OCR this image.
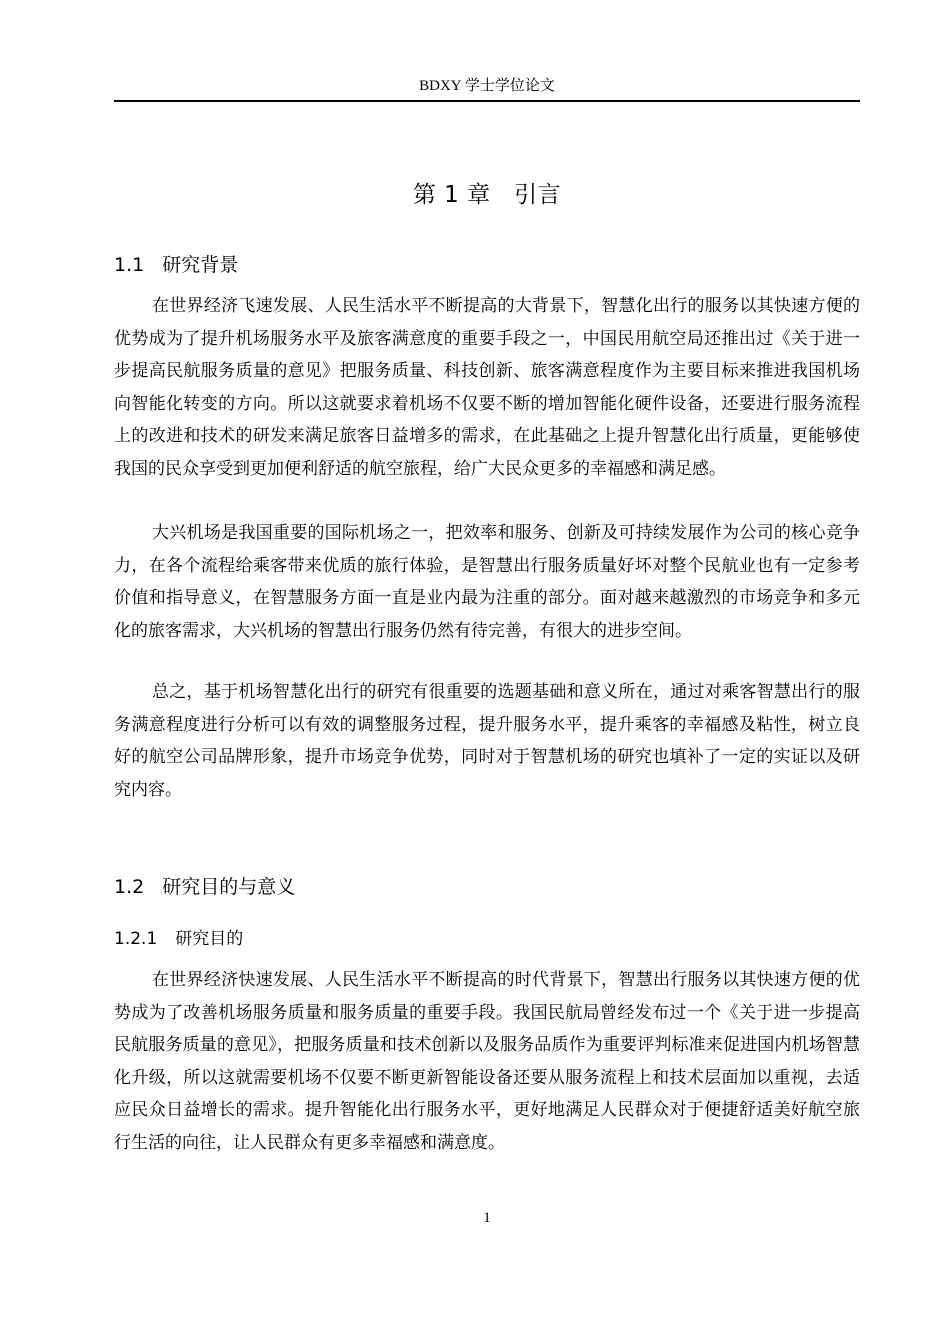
BDXY 学士学位论文
第 1 章　引言
1.1 研究背景

在世界经济飞速发展、人民生活水平不断提高的大背景下，智慧化出行的服务以其快速方便的优势成为了提升机场服务水平及旅客满意度的重要手段之一，中国民用航空局还推出过《关于进一步提高民航服务质量的意见》把服务质量、科技创新、旅客满意程度作为主要目标来推进我国机场向智能化转变的方向。所以这就要求着机场不仅要不断的增加智能化硬件设备，还要进行服务流程上的改进和技术的研发来满足旅客日益增多的需求，在此基础之上提升智慧化出行质量，更能够使我国的民众享受到更加便利舒适的航空旅程，给广大民众更多的幸福感和满足感。

大兴机场是我国重要的国际机场之一，把效率和服务、创新及可持续发展作为公司的核心竞争力，在各个流程给乘客带来优质的旅行体验，是智慧出行服务质量好坏对整个民航业也有一定参考价值和指导意义，在智慧服务方面一直是业内最为注重的部分。面对越来越激烈的市场竞争和多元化的旅客需求，大兴机场的智慧出行服务仍然有待完善，有很大的进步空间。

总之，基于机场智慧化出行的研究有很重要的选题基础和意义所在，通过对乘客智慧出行的服务满意程度进行分析可以有效的调整服务过程，提升服务水平，提升乘客的幸福感及粘性，树立良好的航空公司品牌形象，提升市场竞争优势，同时对于智慧机场的研究也填补了一定的实证以及研究内容。

1.2 研究目的与意义
1.2.1 研究目的

在世界经济快速发展、人民生活水平不断提高的时代背景下，智慧出行服务以其快速方便的优势成为了改善机场服务质量和服务质量的重要手段。我国民航局曾经发布过一个《关于进一步提高民航服务质量的意见》，把服务质量和技术创新以及服务品质作为重要评判标准来促进国内机场智慧化升级，所以这就需要机场不仅要不断更新智能设备还要从服务流程上和技术层面加以重视，去适应民众日益增长的需求。提升智能化出行服务水平，更好地满足人民群众对于便捷舒适美好航空旅行生活的向往，让人民群众有更多幸福感和满意度。

1
